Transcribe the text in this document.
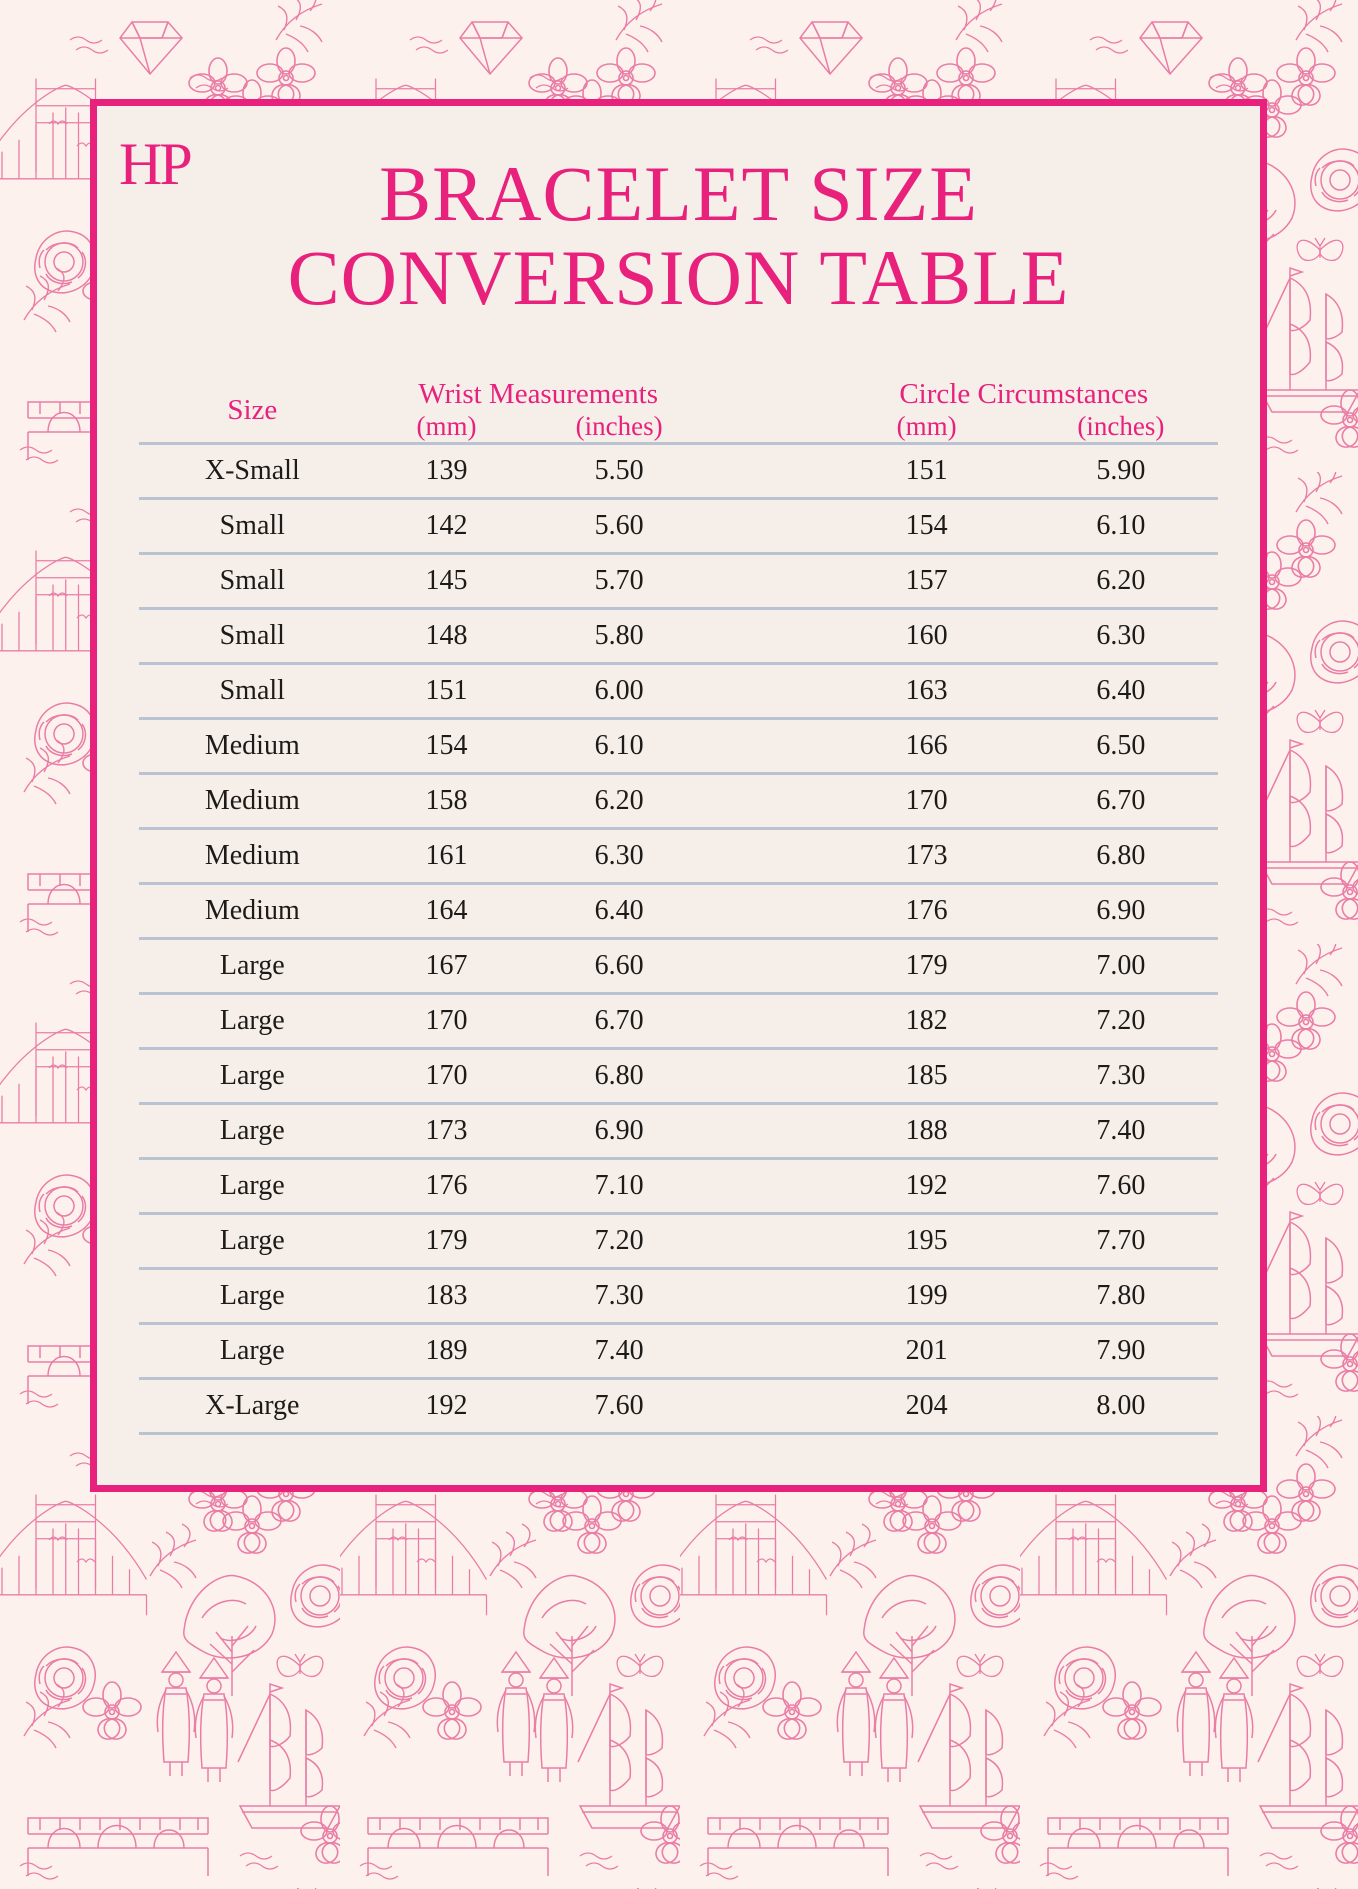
HP	BRACELET SIZE
CONVERSION TABLE
Size	Wrist Measurements			Circle Circumstances	
	(mm)	(inches)		(mm)	(inches)
X-Small	139	5.50		151	5.90
Small	142	5.60		154	6.10
Small	145	5.70		157	6.20
Small	148	5.80		160	6.30
Small	151	6.00		163	6.40
Medium	154	6.10		166	6.50
Medium	158	6.20		170	6.70
Medium	161	6.30		173	6.80
Medium	164	6.40		176	6.90
Large	167	6.60		179	7.00
Large	170	6.70		182	7.20
Large	170	6.80		185	7.30
Large	173	6.90		188	7.40
Large	176	7.10		192	7.60
Large	179	7.20		195	7.70
Large	183	7.30		199	7.80
Large	189	7.40		201	7.90
X-Large	192	7.60		204	8.00
